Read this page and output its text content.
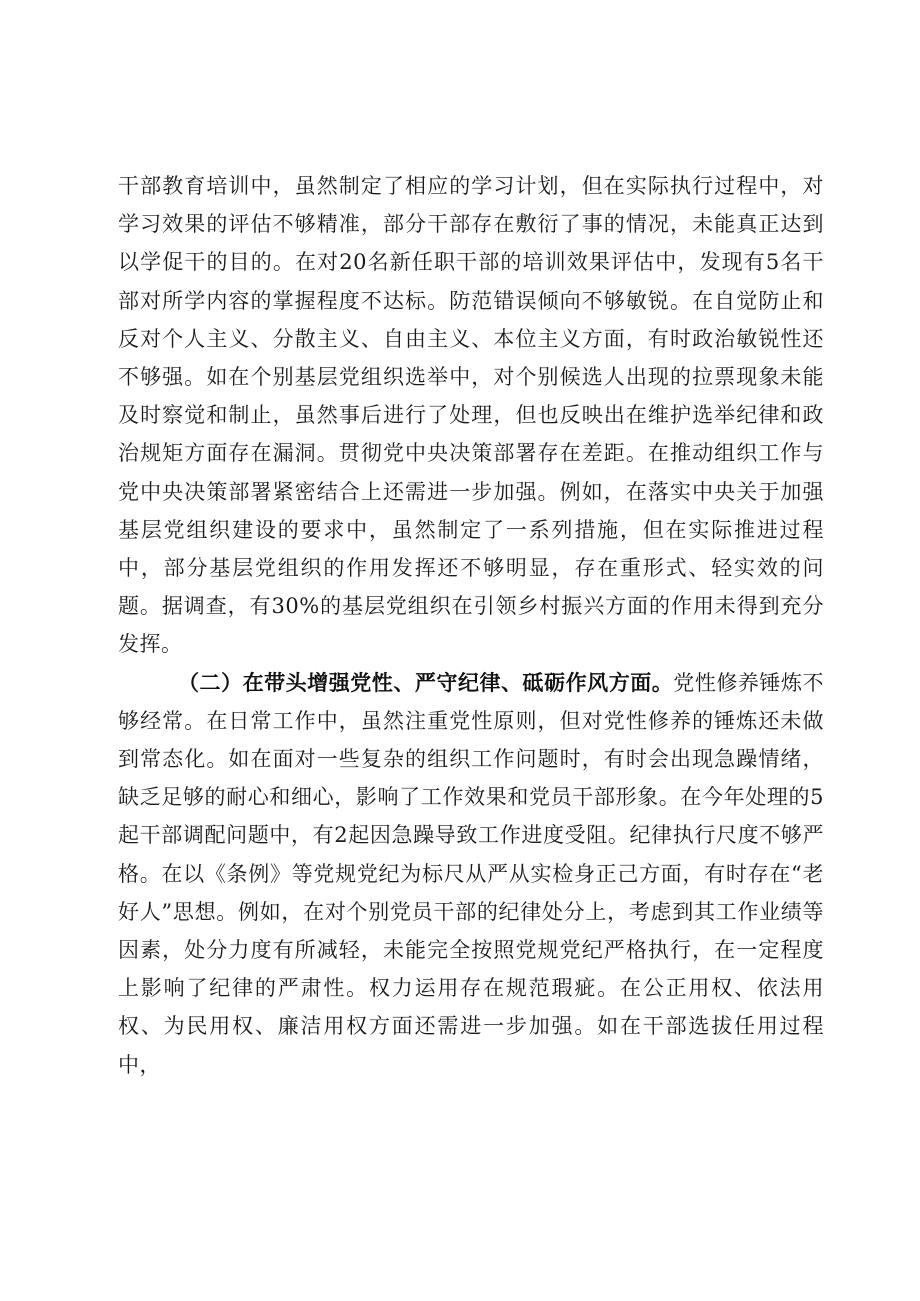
干部教育培训中，虽然制定了相应的学习计划，但在实际执行过程中，对学习效果的评估不够精准，部分干部存在敷衍了事的情况，未能真正达到以学促干的目的。在对20名新任职干部的培训效果评估中，发现有5名干部对所学内容的掌握程度不达标。防范错误倾向不够敏锐。在自觉防止和反对个人主义、分散主义、自由主义、本位主义方面，有时政治敏锐性还不够强。如在个别基层党组织选举中，对个别候选人出现的拉票现象未能及时察觉和制止，虽然事后进行了处理，但也反映出在维护选举纪律和政治规矩方面存在漏洞。贯彻党中央决策部署存在差距。在推动组织工作与党中央决策部署紧密结合上还需进一步加强。例如，在落实中央关于加强基层党组织建设的要求中，虽然制定了一系列措施，但在实际推进过程中，部分基层党组织的作用发挥还不够明显，存在重形式、轻实效的问题。据调查，有30%的基层党组织在引领乡村振兴方面的作用未得到充分发挥。

（二）在带头增强党性、严守纪律、砥砺作风方面。党性修养锤炼不够经常。在日常工作中，虽然注重党性原则，但对党性修养的锤炼还未做到常态化。如在面对一些复杂的组织工作问题时，有时会出现急躁情绪，缺乏足够的耐心和细心，影响了工作效果和党员干部形象。在今年处理的5起干部调配问题中，有2起因急躁导致工作进度受阻。纪律执行尺度不够严格。在以《条例》等党规党纪为标尺从严从实检身正己方面，有时存在“老好人”思想。例如，在对个别党员干部的纪律处分上，考虑到其工作业绩等因素，处分力度有所减轻，未能完全按照党规党纪严格执行，在一定程度上影响了纪律的严肃性。权力运用存在规范瑕疵。在公正用权、依法用权、为民用权、廉洁用权方面还需进一步加强。如在干部选拔任用过程中，
